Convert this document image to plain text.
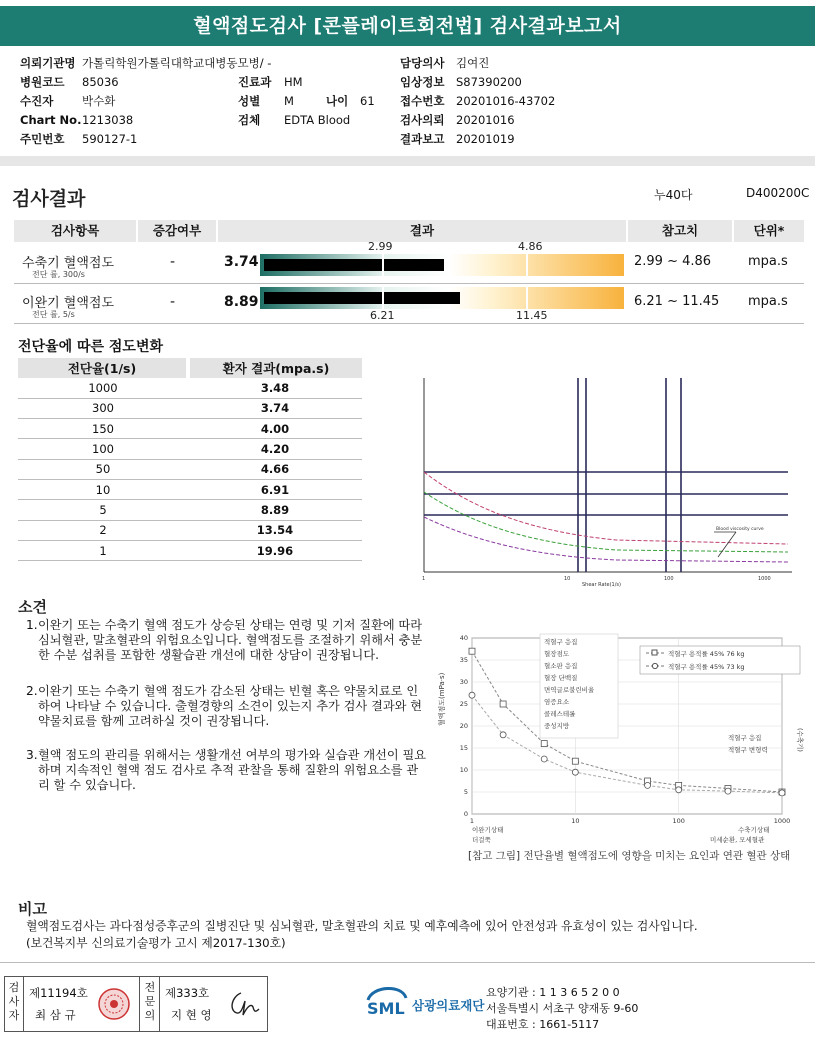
혈액점도검사 [콘플레이트회전법] 검사결과보고서
의뢰기관명 가톨릭학원가톨릭대학교대병동모병/ -
병원코드 85036
수진자 박수화
Chart No.1213038
주민번호 590127-1
진료과 HM
성별 M	나이 61
검체 EDTA Blood
담당의사 김여진
임상정보 S87390200
접수번호 20201016-43702
검사의뢰 20201016
결과보고 20201019
검사결과	누40다	D400200C
검사항목	증감여부	결과	참고치	단위*
수축기 혈액점도
전단 률, 300/s
-	3.74
2.99	4.86
2.99 ~ 4.86	mpa.s
이완기 혈액점도
전단 률, 5/s
-	8.89
6.21	11.45
6.21 ~ 11.45 mpa.s
전단율에 따른 점도변화
전단율(1/s)	환자 결과(mpa.s)
1000	3.48
300	3.74
150	4.00
100	4.20
50	4.66
10	6.91
5	8.89
2	13.54
1	19.96
Blood viscosity curve
1	10	100	1000
Shear Rate(1/s)
소견
1. 이완기 또는 수축기 혈액 점도가 상승된 상태는 연령 및 기저 질환에 따라 심뇌혈관, 말초혈관의 위험요소입니다. 혈액점도를 조절하기 위해서 충분한 수분 섭취를 포함한 생활습관 개선에 대한 상담이 권장됩니다.
2. 이완기 또는 수축기 혈액 점도가 감소된 상태는 빈혈 혹은 약물치료로 인하여 나타날 수 있습니다. 출혈경향의 소견이 있는지 추가 검사 결과와 현 약물치료를 함께 고려하실 것이 권장됩니다.
3. 혈액 점도의 관리를 위해서는 생활개선 여부의 평가와 실습관 개선이 필요하며 지속적인 혈액 점도 검사로 추적 관찰을 통해 질환의 위험요소를 관리 할 수 있습니다.
0
5
10
15
20
25
30
35
40
1	10	100	1000
적혈구 응집
혈장점도
혈소판 응집
혈장 단백질
면역글로불린비율
염증요소
콜레스테롤
중성지방
적혈구 용적률 45% 76 kg
적혈구 용적률 45% 73 kg
적혈구 응집
적혈구 변형력
이완기상태
더걸쭉
수축기상태
미세순환, 모세혈관
혈액점도(mPa·s)
(수축기)
[참고 그림] 전단율별 혈액점도에 영향을 미치는 요인과 연관 혈관 상태
비고
혈액점도검사는 과다점성증후군의 질병진단 및 심뇌혈관, 말초혈관의 치료 및 예후예측에 있어 안전성과 유효성이 있는 검사입니다.
(보건복지부 신의료기술평가 고시 제2017-130호)
검사자
제11194호
최 삼 규
전문의
제333호
지 현 영	SML 삼광의료재단
요양기관 : 1 1 3 6 5 2 0 0
서울특별시 서초구 양재동 9-60
대표번호 : 1661-5117
